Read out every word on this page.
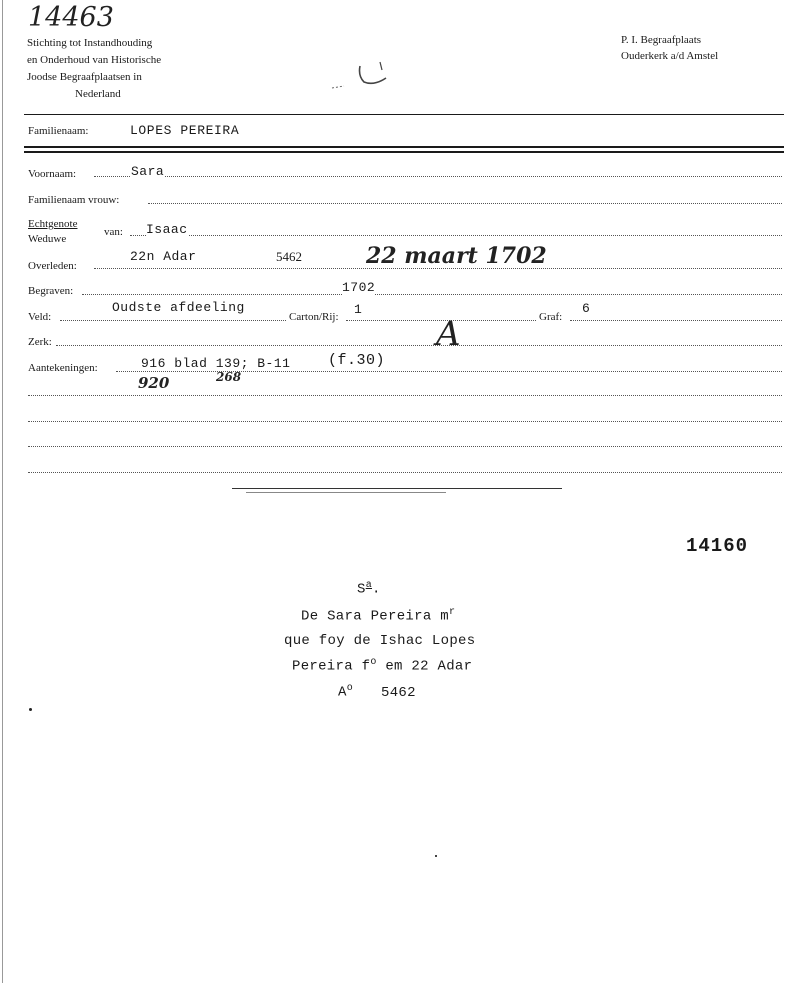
14463
Stichting tot Instandhouding
en Onderhoud van Historische
Joodse Begraafplaatsen in
Nederland
P. I. Begraafplaats
Ouderkerk a/d Amstel
Familienaam:	LOPES PEREIRA
Voornaam:	Sara
Familienaam vrouw:
Echtgenote
Weduwe
van: Isaac
Overleden:
22n Adar	5462	22 maart 1702
Begraven:	1702
Veld:
Oudste afdeeling
Carton/Rij: 1	Graf:
6
Zerk:	A
Aantekeningen:	916 blad 139; B-11	(f.30)
920	268
14160
$S^a$.
De Sara Pereira $m^r$
que foy de Ishac Lopes
Pereira $f^o$ em 22 Adar
$A^o$ 5462
